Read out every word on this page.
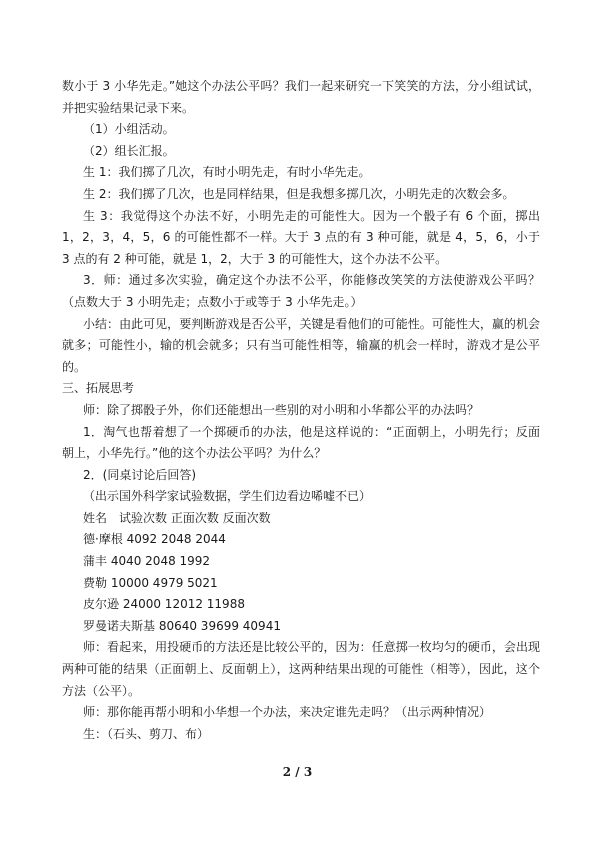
数小于 3 小华先走。”她这个办法公平吗？我们一起来研究一下笑笑的方法，分小组试试，并把实验结果记录下来。

（1）小组活动。

（2）组长汇报。

生 1：我们掷了几次，有时小明先走，有时小华先走。

生 2：我们掷了几次，也是同样结果，但是我想多掷几次，小明先走的次数会多。

生 3：我觉得这个办法不好，小明先走的可能性大。因为一个骰子有 6 个面，掷出 1，2，3，4，5，6 的可能性都不一样。大于 3 点的有 3 种可能，就是 4，5，6，小于 3 点的有 2 种可能，就是 1，2，大于 3 的可能性大，这个办法不公平。

3．师：通过多次实验，确定这个办法不公平，你能修改笑笑的方法使游戏公平吗？（点数大于 3 小明先走；点数小于或等于 3 小华先走。）

小结：由此可见，要判断游戏是否公平，关键是看他们的可能性。可能性大，赢的机会就多；可能性小，输的机会就多；只有当可能性相等，输赢的机会一样时，游戏才是公平的。

三、拓展思考

师：除了掷骰子外，你们还能想出一些别的对小明和小华都公平的办法吗？

1．淘气也帮着想了一个掷硬币的办法，他是这样说的：“正面朝上，小明先行；反面朝上，小华先行。”他的这个办法公平吗？为什么？

2．(同桌讨论后回答)

（出示国外科学家试验数据，学生们边看边唏嘘不已）

姓名　试验次数 正面次数 反面次数

德·摩根 4092 2048 2044

蒲丰 4040 2048 1992

费勒 10000 4979 5021

皮尔逊 24000 12012 11988

罗曼诺夫斯基 80640 39699 40941

师：看起来，用投硬币的方法还是比较公平的，因为：任意掷一枚均匀的硬币，会出现两种可能的结果（正面朝上、反面朝上），这两种结果出现的可能性（相等），因此，这个方法（公平）。

师：那你能再帮小明和小华想一个办法，来决定谁先走吗？（出示两种情况）

生：（石头、剪刀、布）

2 / 3
